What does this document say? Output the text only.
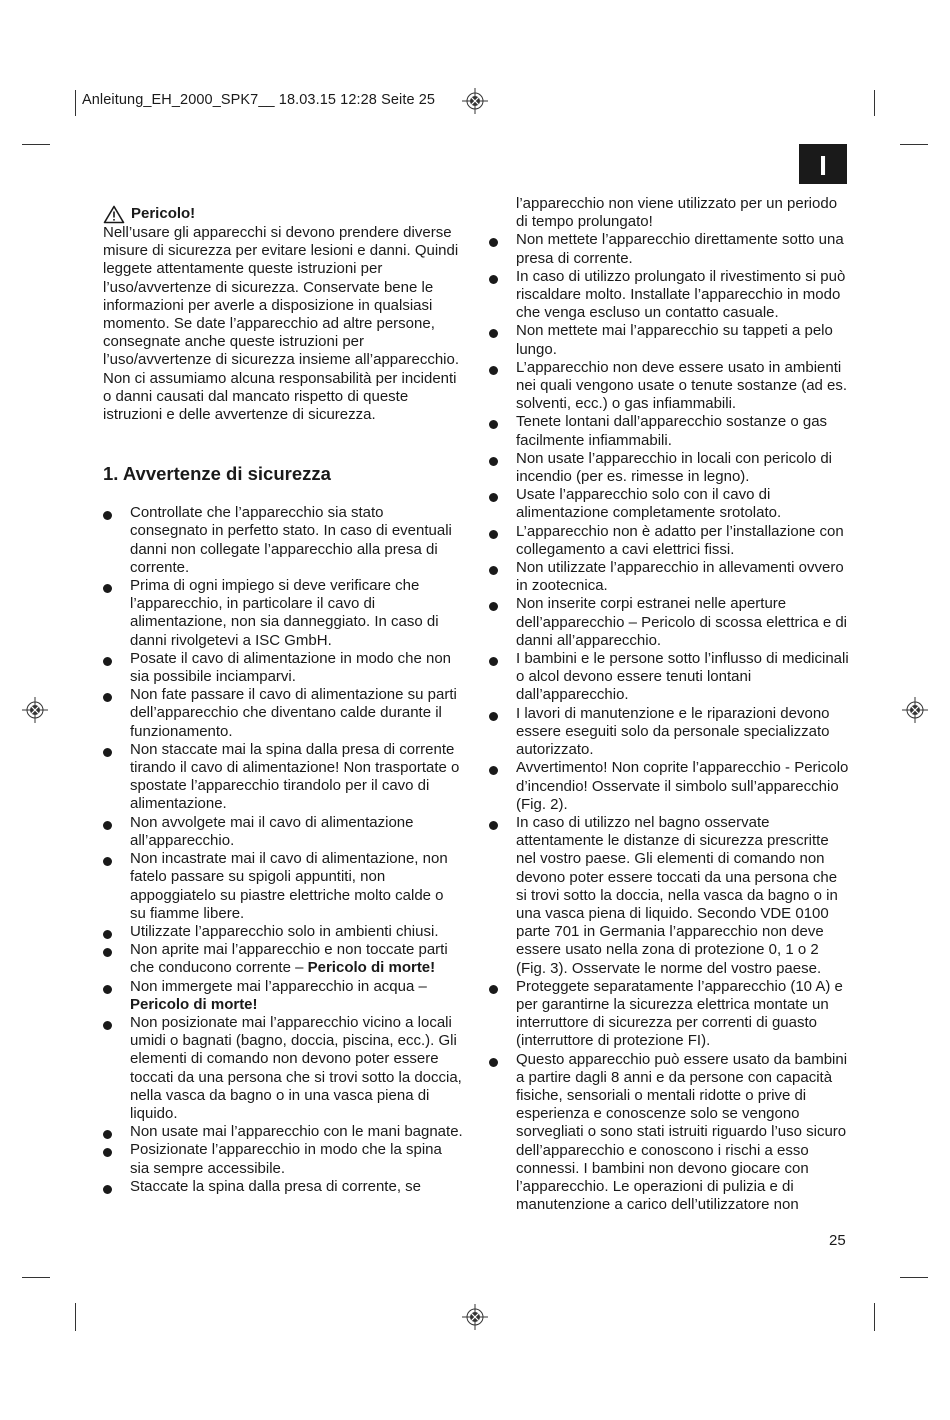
Anleitung_EH_2000_SPK7__ 18.03.15 12:28 Seite 25
I
Pericolo!
Nell’usare gli apparecchi si devono prendere diverse misure di sicurezza per evitare lesioni e danni. Quindi leggete attentamente queste istruzioni per l’uso/avvertenze di sicurezza. Conservate bene le informazioni per averle a disposizione in qualsiasi momento. Se date l’apparecchio ad altre persone, consegnate anche queste istruzioni per l’uso/avvertenze di sicurezza insieme all’apparecchio. Non ci assumiamo alcuna responsabilità per incidenti o danni causati dal mancato rispetto di queste istruzioni e delle avvertenze di sicurezza.
1. Avvertenze di sicurezza
Controllate che l’apparecchio sia stato consegnato in perfetto stato. In caso di eventuali danni non collegate l’apparecchio alla presa di corrente.
Prima di ogni impiego si deve verificare che l’apparecchio, in particolare il cavo di alimentazione, non sia danneggiato. In caso di danni rivolgetevi a ISC GmbH.
Posate il cavo di alimentazione in modo che non sia possibile inciamparvi.
Non fate passare il cavo di alimentazione su parti dell’apparecchio che diventano calde durante il funzionamento.
Non staccate mai la spina dalla presa di corrente tirando il cavo di alimentazione! Non trasportate o spostate l’apparecchio tirandolo per il cavo di alimentazione.
Non avvolgete mai il cavo di alimentazione all’apparecchio.
Non incastrate mai il cavo di alimentazione, non fatelo passare su spigoli appuntiti, non appoggiatelo su piastre elettriche molto calde o su fiamme libere.
Utilizzate l’apparecchio solo in ambienti chiusi.
Non aprite mai l’apparecchio e non toccate parti che conducono corrente – Pericolo di morte!
Non immergete mai l’apparecchio in acqua – Pericolo di morte!
Non posizionate mai l’apparecchio vicino a locali umidi o bagnati (bagno, doccia, piscina, ecc.). Gli elementi di comando non devono poter essere toccati da una persona che si trovi sotto la doccia, nella vasca da bagno o in una vasca piena di liquido.
Non usate mai l’apparecchio con le mani bagnate.
Posizionate l’apparecchio in modo che la spina sia sempre accessibile.
Staccate la spina dalla presa di corrente, se
l’apparecchio non viene utilizzato per un periodo di tempo prolungato!
Non mettete l’apparecchio direttamente sotto una presa di corrente.
In caso di utilizzo prolungato il rivestimento si può riscaldare molto. Installate l’apparecchio in modo che venga escluso un contatto casuale.
Non mettete mai l’apparecchio su tappeti a pelo lungo.
L’apparecchio non deve essere usato in ambienti nei quali vengono usate o tenute sostanze (ad es. solventi, ecc.) o gas infiammabili.
Tenete lontani dall’apparecchio sostanze o gas facilmente infiammabili.
Non usate l’apparecchio in locali con pericolo di incendio (per es. rimesse in legno).
Usate l’apparecchio solo con il cavo di alimentazione completamente srotolato.
L’apparecchio non è adatto per l’installazione con collegamento a cavi elettrici fissi.
Non utilizzate l’apparecchio in allevamenti ovvero in zootecnica.
Non inserite corpi estranei nelle aperture dell’apparecchio – Pericolo di scossa elettrica e di danni all’apparecchio.
I bambini e le persone sotto l’influsso di medicinali o alcol devono essere tenuti lontani dall’apparecchio.
I lavori di manutenzione e le riparazioni devono essere eseguiti solo da personale specializzato autorizzato.
Avvertimento! Non coprite l’apparecchio - Pericolo d’incendio! Osservate il simbolo sull’apparecchio (Fig. 2).
In caso di utilizzo nel bagno osservate attentamente le distanze di sicurezza prescritte nel vostro paese. Gli elementi di comando non devono poter essere toccati da una persona che si trovi sotto la doccia, nella vasca da bagno o in una vasca piena di liquido. Secondo VDE 0100 parte 701 in Germania l’apparecchio non deve essere usato nella zona di protezione 0, 1 o 2 (Fig. 3). Osservate le norme del vostro paese.
Proteggete separatamente l’apparecchio (10 A) e per garantirne la sicurezza elettrica montate un interruttore di sicurezza per correnti di guasto (interruttore di protezione FI).
Questo apparecchio può essere usato da bambini a partire dagli 8 anni e da persone con capacità fisiche, sensoriali o mentali ridotte o prive di esperienza e conoscenze solo se vengono sorvegliati o sono stati istruiti riguardo l’uso sicuro dell’apparecchio e conoscono i rischi a esso connessi. I bambini non devono giocare con l’apparecchio. Le operazioni di pulizia e di manutenzione a carico dell’utilizzatore non
25
